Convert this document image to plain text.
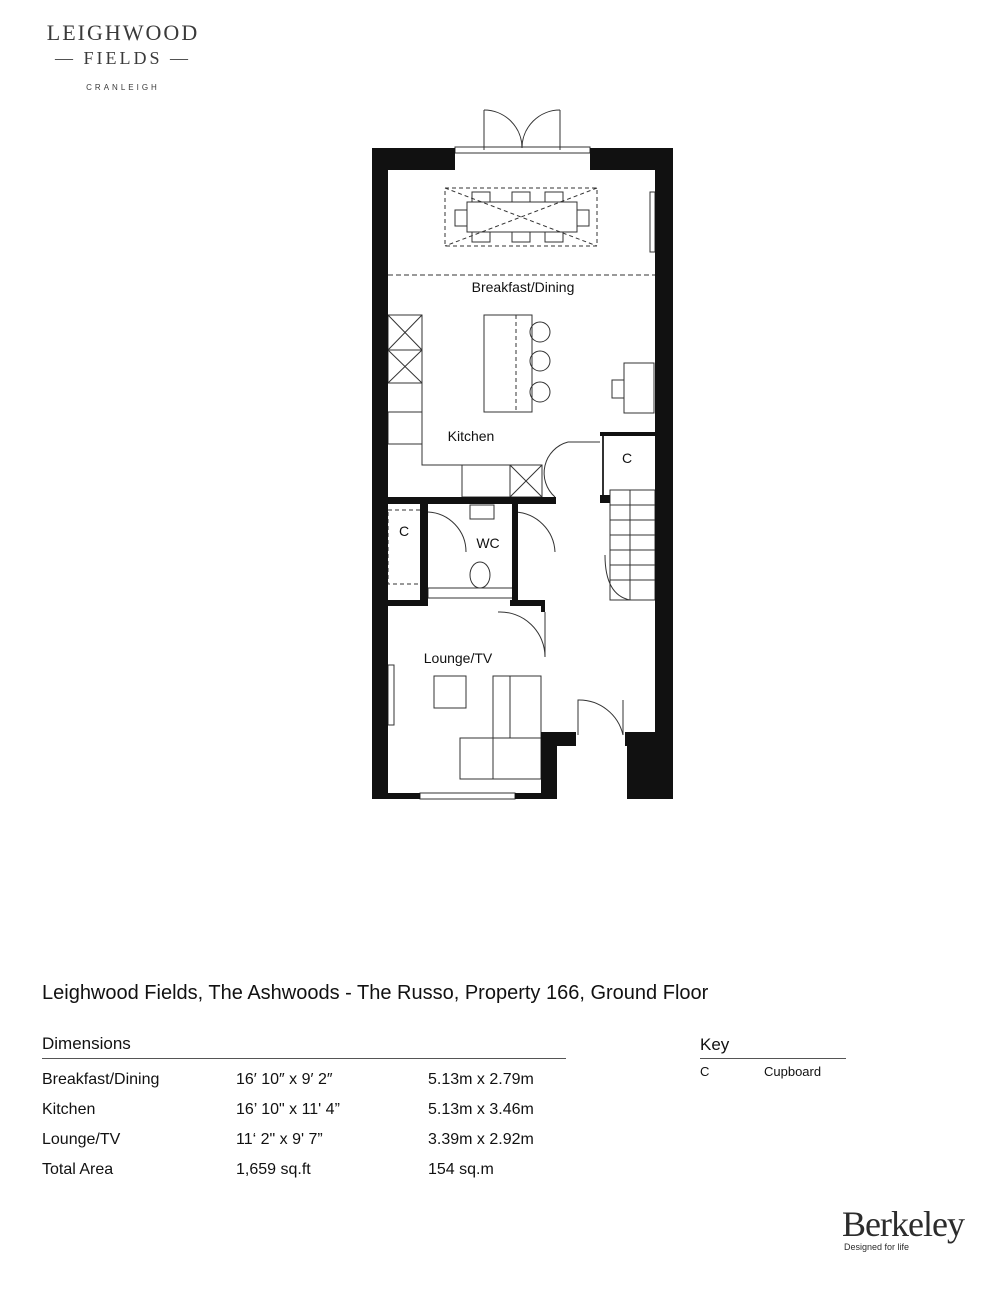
LEIGHWOOD
— FIELDS —
CRANLEIGH
Breakfast/Dining
Kitchen
C
C
WC
Lounge/TV
Leighwood Fields, The Ashwoods - The Russo, Property 166, Ground Floor
Dimensions
Breakfast/Dining	16′ 10″ x 9′ 2″	5.13m x 2.79m
Kitchen	16’ 10" x 11' 4”	5.13m x 3.46m
Lounge/TV	11‘ 2" x 9' 7”	3.39m x 2.92m
Total Area	1,659 sq.ft	154 sq.m
Key
C	Cupboard
Berkeley
Designed for life
